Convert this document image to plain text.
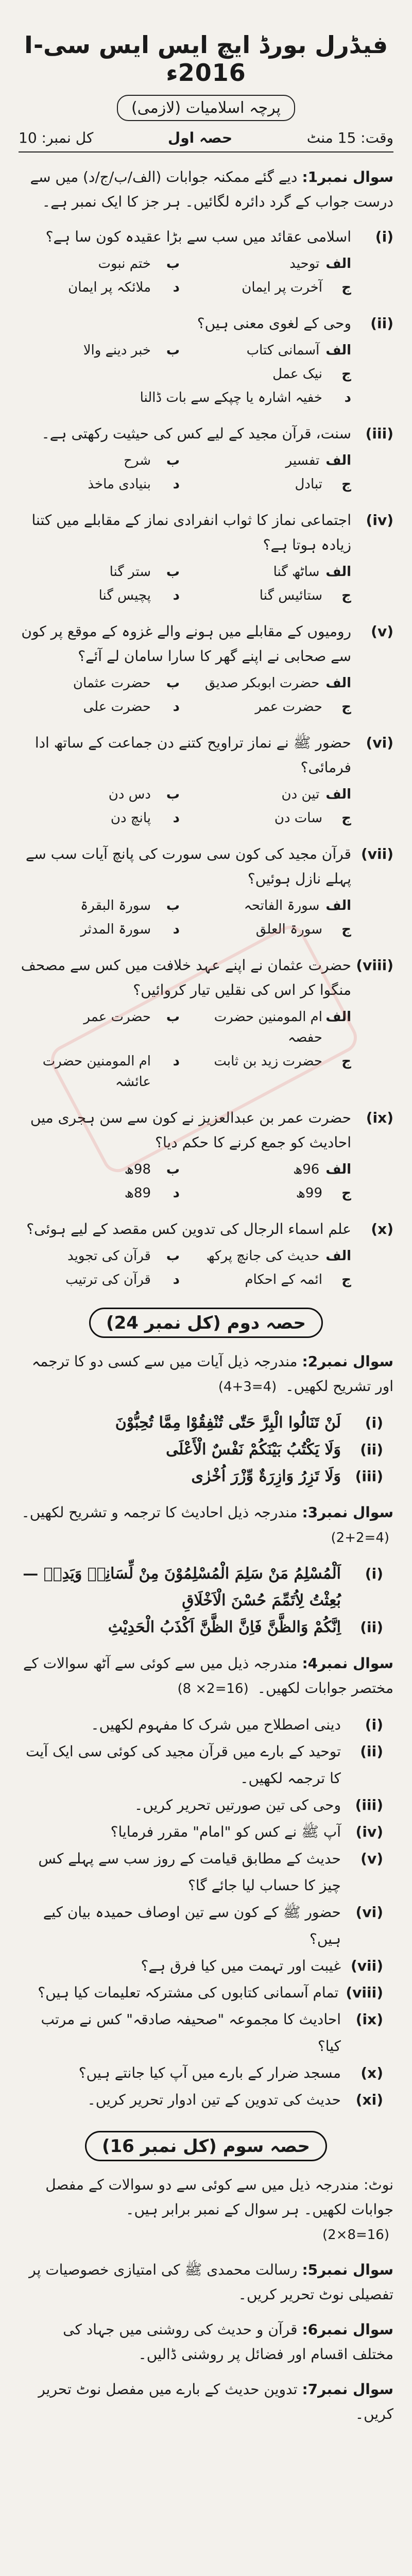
فیڈرل بورڈ ایچ ایس ایس سی-I 2016ء
پرچہ اسلامیات (لازمی)
وقت: 15 منٹ
حصہ اول
کل نمبر: 10
سوال نمبر1: دیے گئے ممکنہ جوابات (الف/ب/ج/د) میں سے درست جواب کے گرد دائرہ لگائیں۔ ہر جز کا ایک نمبر ہے۔
(i)
اسلامی عقائد میں سب سے بڑا عقیدہ کون سا ہے؟
الف
توحید
ب
ختم نبوت
ج
آخرت پر ایمان
د
ملائکہ پر ایمان
(ii)
وحی کے لغوی معنی ہیں؟
الف
آسمانی کتاب
ب
خبر دینے والا
ج
نیک عمل
د
خفیہ اشارہ یا چپکے سے بات ڈالنا
(iii)
سنت، قرآن مجید کے لیے کس کی حیثیت رکھتی ہے۔
الف
تفسیر
ب
شرح
ج
تبادل
د
بنیادی ماخذ
(iv)
اجتماعی نماز کا ثواب انفرادی نماز کے مقابلے میں کتنا زیادہ ہوتا ہے؟
الف
ساٹھ گنا
ب
ستر گنا
ج
ستائیس گنا
د
پچیس گنا
(v)
رومیوں کے مقابلے میں ہونے والے غزوہ کے موقع پر کون سے صحابی نے اپنے گھر کا سارا سامان لے آئے؟
الف
حضرت ابوبکر صدیق
ب
حضرت عثمان
ج
حضرت عمر
د
حضرت علی
(vi)
حضور ﷺ نے نماز تراویح کتنے دن جماعت کے ساتھ ادا فرمائی؟
الف
تین دن
ب
دس دن
ج
سات دن
د
پانچ دن
(vii)
قرآن مجید کی کون سی سورت کی پانچ آیات سب سے پہلے نازل ہوئیں؟
الف
سورۃ الفاتحہ
ب
سورۃ البقرۃ
ج
سورۃ العلق
د
سورۃ المدثر
(viii)
حضرت عثمان نے اپنے عہد خلافت میں کس سے مصحف منگوا کر اس کی نقلیں تیار کروائیں؟
الف
ام المومنین حضرت حفصہ
ب
حضرت عمر
ج
حضرت زید بن ثابت
د
ام المومنین حضرت عائشہ
(ix)
حضرت عمر بن عبدالعزیز نے کون سے سن ہجری میں احادیث کو جمع کرنے کا حکم دیا؟
الف
96ھ
ب
98ھ
ج
99ھ
د
89ھ
(x)
علم اسماء الرجال کی تدوین کس مقصد کے لیے ہوئی؟
الف
حدیث کی جانچ پرکھ
ب
قرآن کی تجوید
ج
ائمہ کے احکام
د
قرآن کی ترتیب
حصہ دوم (کل نمبر 24)
سوال نمبر2: مندرجہ ذیل آیات میں سے کسی دو کا ترجمہ اور تشریح لکھیں۔ (4+3=4)
(i)
لَنْ تَنَالُوا الْبِرَّ حَتّٰى تُنْفِقُوْا مِمَّا تُحِبُّوْنَ
(ii)
وَلَا يَكْتُبُ بَيْنَكُمْ نَفْسٌ الْأَعْلَى
(iii)
وَلَا تَزِرُ وَازِرَةٌ وِّزْرَ اُخْرٰى
سوال نمبر3: مندرجہ ذیل احادیث کا ترجمہ و تشریح لکھیں۔ (2+2=4)
(i)
اَلْمُسْلِمُ مَنْ سَلِمَ الْمُسْلِمُوْنَ مِنْ لِّسَانِهٖ وَيَدِهٖ — بُعِثْتُ لِاُتَمِّمَ حُسْنَ الْاَخْلَاقِ
(ii)
اِنَّكُمْ وَالظَّنَّ فَاِنَّ الظَّنَّ اَكْذَبُ الْحَدِيْثِ
سوال نمبر4: مندرجہ ذیل میں سے کوئی سے آٹھ سوالات کے مختصر جوابات لکھیں۔ (8 ×2=16)
(i)
دینی اصطلاح میں شرک کا مفہوم لکھیں۔
(ii)
توحید کے بارے میں قرآن مجید کی کوئی سی ایک آیت کا ترجمہ لکھیں۔
(iii)
وحی کی تین صورتیں تحریر کریں۔
(iv)
آپ ﷺ نے کس کو "امام" مقرر فرمایا؟
(v)
حدیث کے مطابق قیامت کے روز سب سے پہلے کس چیز کا حساب لیا جائے گا؟
(vi)
حضور ﷺ کے کون سے تین اوصاف حمیدہ بیان کیے ہیں؟
(vii)
غیبت اور تہمت میں کیا فرق ہے؟
(viii)
تمام آسمانی کتابوں کی مشترکہ تعلیمات کیا ہیں؟
(ix)
احادیث کا مجموعہ "صحیفہ صادقہ" کس نے مرتب کیا؟
(x)
مسجد ضرار کے بارے میں آپ کیا جانتے ہیں؟
(xi)
حدیث کی تدوین کے تین ادوار تحریر کریں۔
حصہ سوم (کل نمبر 16)
نوٹ: مندرجہ ذیل میں سے کوئی سے دو سوالات کے مفصل جوابات لکھیں۔ ہر سوال کے نمبر برابر ہیں۔
(2×8=16)
سوال نمبر5: رسالت محمدی ﷺ کی امتیازی خصوصیات پر تفصیلی نوٹ تحریر کریں۔
سوال نمبر6: قرآن و حدیث کی روشنی میں جہاد کی مختلف اقسام اور فضائل پر روشنی ڈالیں۔
سوال نمبر7: تدوین حدیث کے بارے میں مفصل نوٹ تحریر کریں۔
